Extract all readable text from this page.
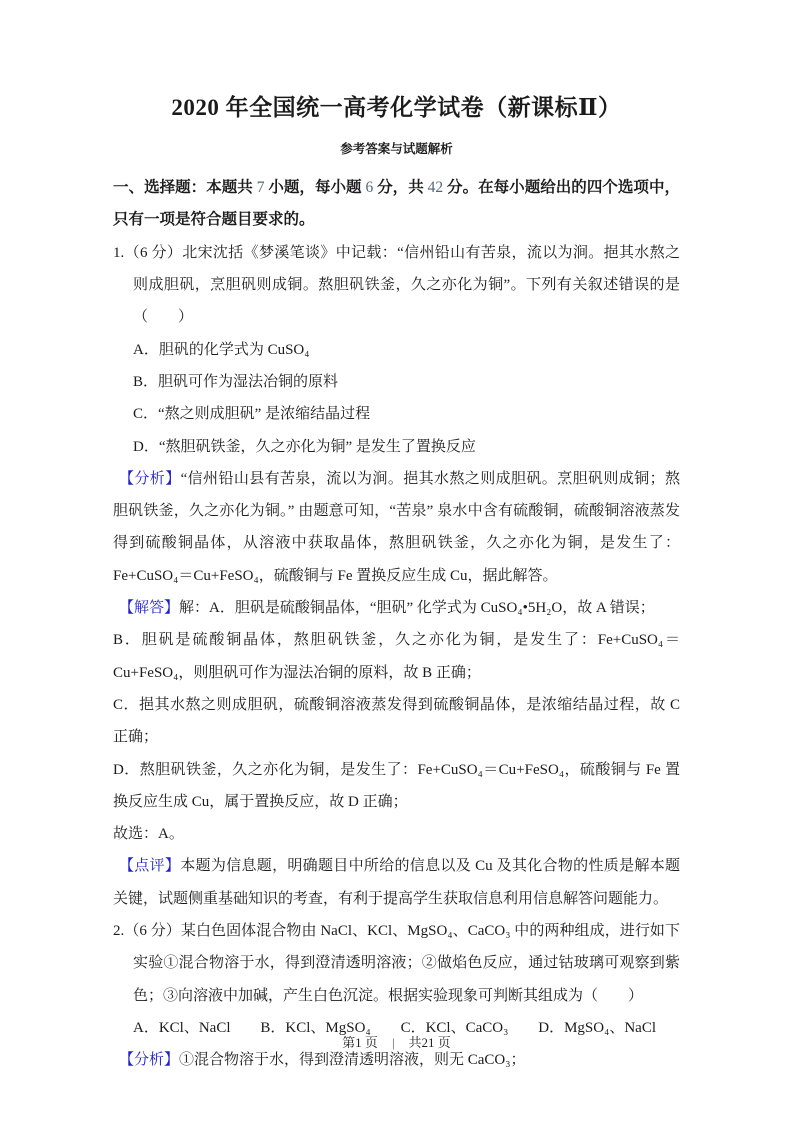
2020 年全国统一高考化学试卷（新课标Ⅱ）
参考答案与试题解析

一、选择题：本题共 7 小题，每小题 6 分，共 42 分。在每小题给出的四个选项中，只有一项是符合题目要求的。

1.（6 分）北宋沈括《梦溪笔谈》中记载：“信州铅山有苦泉，流以为涧。挹其水熬之则成胆矾，烹胆矾则成铜。熬胆矾铁釜，久之亦化为铜”。下列有关叙述错误的是（　　）

A．胆矾的化学式为 CuSO₄

B．胆矾可作为湿法冶铜的原料

C．“熬之则成胆矾” 是浓缩结晶过程

D．“熬胆矾铁釜，久之亦化为铜” 是发生了置换反应

【分析】“信州铅山县有苦泉，流以为涧。挹其水熬之则成胆矾。烹胆矾则成铜；熬胆矾铁釜，久之亦化为铜。” 由题意可知，“苦泉” 泉水中含有硫酸铜，硫酸铜溶液蒸发得到硫酸铜晶体，从溶液中获取晶体，熬胆矾铁釜，久之亦化为铜，是发生了：Fe+CuSO₄＝Cu+FeSO₄，硫酸铜与 Fe 置换反应生成 Cu，据此解答。

【解答】解：A．胆矾是硫酸铜晶体，“胆矾” 化学式为 CuSO₄•5H₂O，故 A 错误；

B．胆矾是硫酸铜晶体，熬胆矾铁釜，久之亦化为铜，是发生了：Fe+CuSO₄＝Cu+FeSO₄，则胆矾可作为湿法冶铜的原料，故 B 正确；

C．挹其水熬之则成胆矾，硫酸铜溶液蒸发得到硫酸铜晶体，是浓缩结晶过程，故 C 正确；

D．熬胆矾铁釜，久之亦化为铜，是发生了：Fe+CuSO₄＝Cu+FeSO₄，硫酸铜与 Fe 置换反应生成 Cu，属于置换反应，故 D 正确；

故选：A。

【点评】本题为信息题，明确题目中所给的信息以及 Cu 及其化合物的性质是解本题关键，试题侧重基础知识的考查，有利于提高学生获取信息利用信息解答问题能力。

2.（6 分）某白色固体混合物由 NaCl、KCl、MgSO₄、CaCO₃ 中的两种组成，进行如下实验①混合物溶于水，得到澄清透明溶液；②做焰色反应，通过钴玻璃可观察到紫色；③向溶液中加碱，产生白色沉淀。根据实验现象可判断其组成为（　　）

A．KCl、NaCl B．KCl、MgSO₄ C．KCl、CaCO₃ D．MgSO₄、NaCl

【分析】①混合物溶于水，得到澄清透明溶液，则无 CaCO₃；

第1 页 | 共21 页
